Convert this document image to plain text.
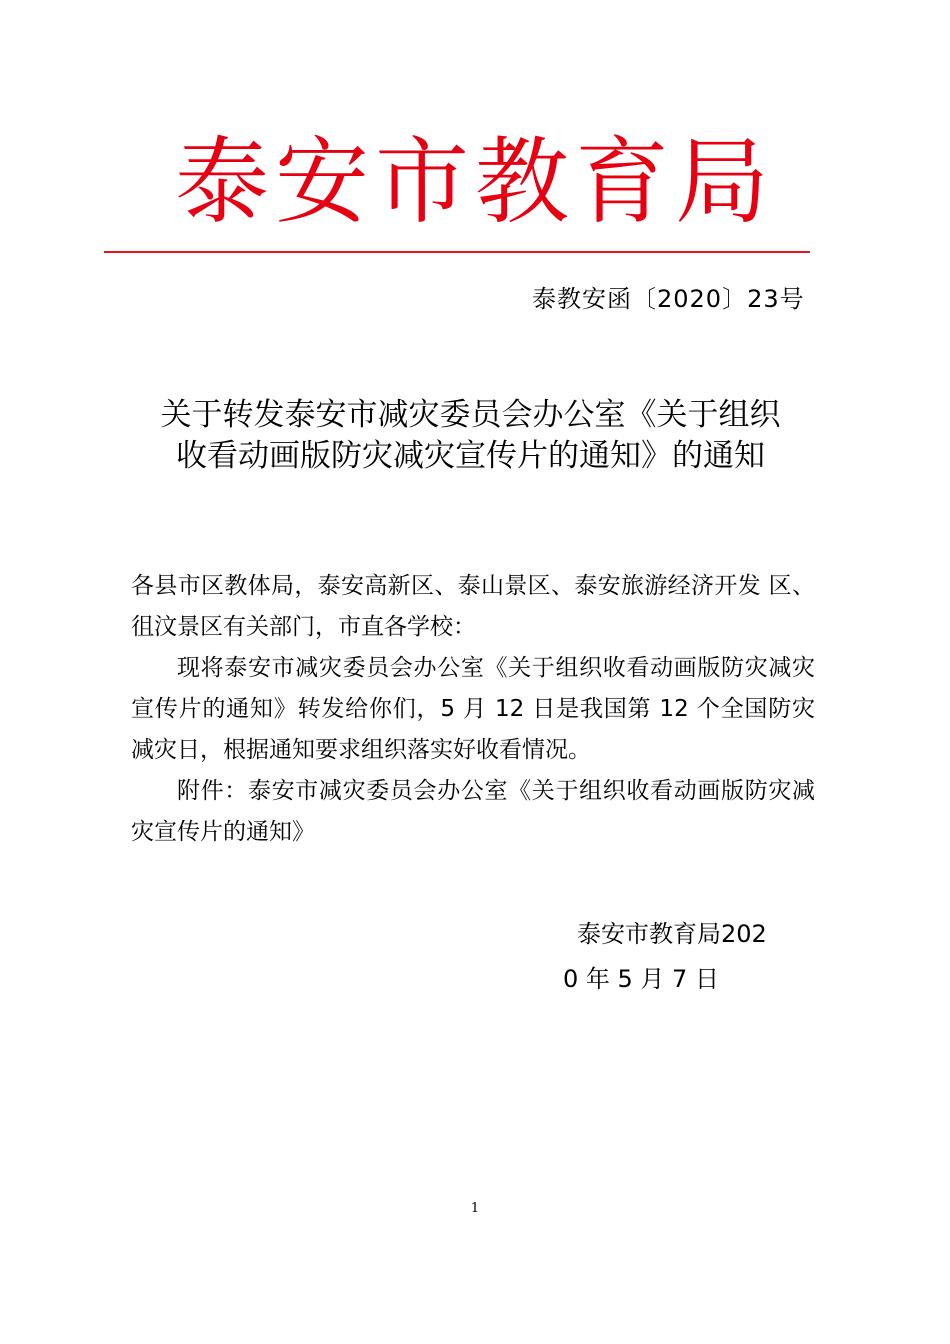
泰安市教育局
泰教安函〔2020〕23号
关于转发泰安市减灾委员会办公室《关于组织收看动画版防灾减灾宣传片的通知》的通知

各县市区教体局，泰安高新区、泰山景区、泰安旅游经济开发 区、徂汶景区有关部门，市直各学校：

现将泰安市减灾委员会办公室《关于组织收看动画版防灾减灾宣传片的通知》转发给你们，5 月 12 日是我国第 12 个全国防灾减灾日，根据通知要求组织落实好收看情况。

附件：泰安市减灾委员会办公室《关于组织收看动画版防灾减灾宣传片的通知》

泰安市教育局2020 年 5 月 7 日
1
